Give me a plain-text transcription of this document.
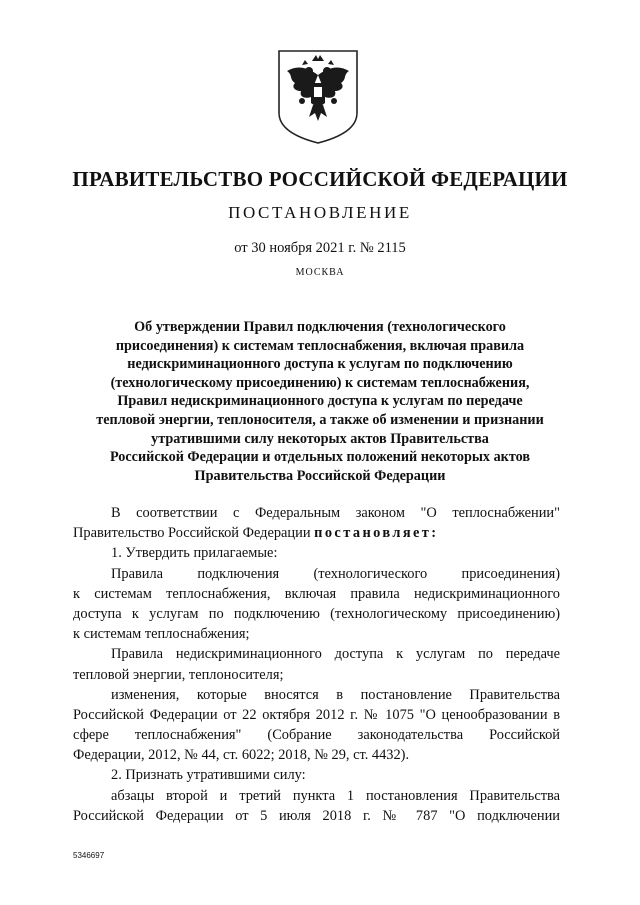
ПРАВИТЕЛЬСТВО РОССИЙСКОЙ ФЕДЕРАЦИИ
ПОСТАНОВЛЕНИЕ
от 30 ноября 2021 г. № 2115
МОСКВА
Об утверждении Правил подключения (технологического
присоединения) к системам теплоснабжения, включая правила
недискриминационного доступа к услугам по подключению
(технологическому присоединению) к системам теплоснабжения,
Правил недискриминационного доступа к услугам по передаче
тепловой энергии, теплоносителя, а также об изменении и признании
утратившими силу некоторых актов Правительства
Российской Федерации и отдельных положений некоторых актов
Правительства Российской Федерации
В соответствии с Федеральным законом "О теплоснабжении"
Правительство Российской Федерации постановляет:
1. Утвердить прилагаемые:
Правила подключения (технологического присоединения)
к системам теплоснабжения, включая правила недискриминационного
доступа к услугам по подключению (технологическому присоединению)
к системам теплоснабжения;
Правила недискриминационного доступа к услугам по передаче
тепловой энергии, теплоносителя;
изменения, которые вносятся в постановление Правительства
Российской Федерации от 22 октября 2012 г. № 1075 "О ценообразовании в
сфере теплоснабжения" (Собрание законодательства Российской
Федерации, 2012, № 44, ст. 6022; 2018, № 29, ст. 4432).
2. Признать утратившими силу:
абзацы второй и третий пункта 1 постановления Правительства
Российской Федерации от 5 июля 2018 г. № 787 "О подключении
5346697
